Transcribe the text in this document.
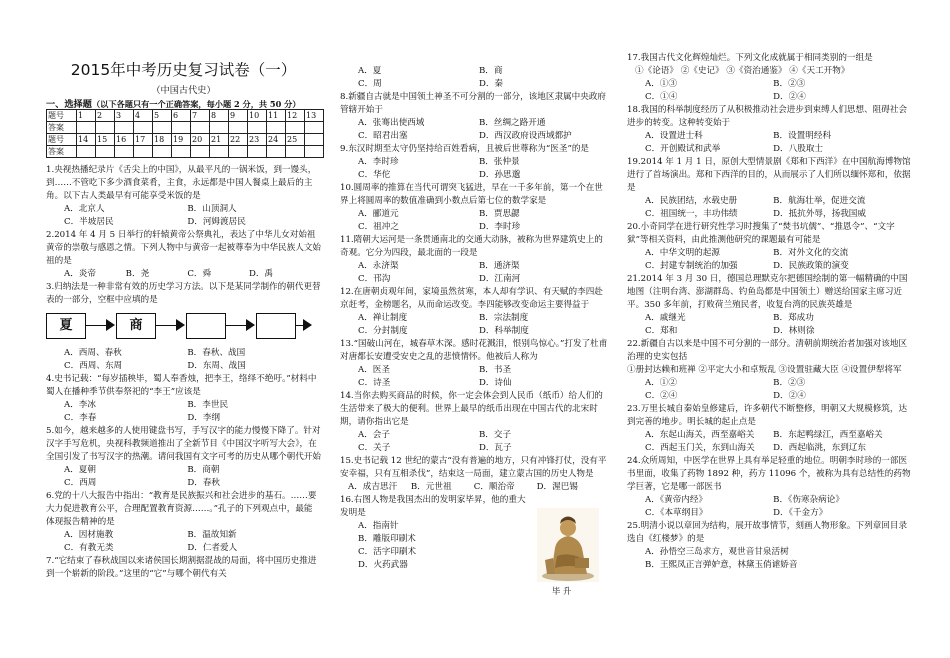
2015年中考历史复习试卷（一）
（中国古代史）
一、选择题（以下各题只有一个正确答案，每小题 2 分，共 50 分）
题号	1	2	3	4	5	6	7	8	9	10	11	12	13
答案													
题号	14	15	16	17	18	19	20	21	22	23	24	25	
答案													

1.央视热播纪录片《舌尖上的中国》，从最平凡的一锅米饭，到一馒头，到……不管吃下多少酒食菜肴，主食，永远都是中国人餐桌上最后的主角。以下古人类最早有可能享受米饭的是

A．北京人	B．山顶洞人

C．半坡居民	D．河姆渡居民

2.2014 年 4 月 5 日举行的轩辕黄帝公祭典礼，表达了中华儿女对始祖黄帝的崇敬与感恩之情。下列人物中与黄帝一起被尊奉为中华民族人文始祖的是

A．炎帝	B．尧	C．舜	D．禹

3.归纳法是一种非常有效的历史学习方法。以下是某同学制作的朝代更替表的一部分，空框中应填的是

夏	商

A．西周、春秋	B．春秋、战国

C．西周、东周	D．东周、战国

4.史书记载：“每岁插秧毕，蜀人奉香烛，把李王，络绎不绝吁。”材料中蜀人在播种季节供奉祭祀的“李王”应该是

A．李冰	B．李世民

C．李春	D．李纲

5.如今，越来越多的人使用键盘书写，手写汉字的能力慢慢下降了。针对汉字手写危机，央视科教频道推出了全新节目《中国汉字听写大会》，在全国引发了书写汉字的热潮。请问我国有文字可考的历史从哪个朝代开始

A．夏朝	B．商朝

C．西周	D．春秋

6.党的十八大报告中指出：“教育是民族振兴和社会进步的基石。……要大力促进教育公平，合理配置教育资源……。”孔子的下列观点中，最能体现报告精神的是

A．因材施教	B．温故知新

C．有教无类	D．仁者爱人

7.“它结束了春秋战国以来诸侯国长期割据混战的局面，将中国历史推进到一个崭新的阶段。”这里的“它”与哪个朝代有关

A．夏	B．商

C．周	D．秦

8.新疆自古就是中国领土神圣不可分割的一部分，该地区隶属中央政府管辖开始于

A．张骞出使西域	B．丝绸之路开通

C．昭君出塞	D．西汉政府设西域都护

9.东汉时期至太守仍坚持给百姓看病，且被后世尊称为“医圣”的是

A．李时珍	B．张仲景

C．华佗	D．孙思邈

10.圆周率的推算在当代可谓突飞猛进，早在一千多年前，第一个在世界上将圆周率的数值准确到小数点后第七位的数学家是

A．郦道元	B．贾思勰

C．祖冲之	D．李时珍

11.隋朝大运河是一条贯通南北的交通大动脉，被称为世界建筑史上的奇观。它分为四段，最北面的一段是

A．永济渠	B．通济渠

C．邗沟	D．江南河

12.在唐朝贞观年间，家境虽然贫寒，本人却有学识、有天赋的李四赴京赶考，金榜题名，从而命运改变。李四能够改变命运主要得益于

A．禅让制度	B．宗法制度

C．分封制度	D．科举制度

13.“国破山河在，城春草木深。感时花溅泪，恨别鸟惊心。”打发了杜甫对唐都长安遭受安史之乱的悲愤情怀。他被后人称为

A．医圣	B．书圣

C．诗圣	D．诗仙

14.当你去购买商品的时候，你一定会体会到人民币（纸币）给人们的生活带来了极大的便利。世界上最早的纸币出现在中国古代的北宋时期，请你指出它是

A．会子	B．交子

C．关子	D．瓦子

15.史书记载 12 世纪的蒙古“没有普遍的地方，只有冲锋打仗，没有平安幸福，只有互相杀伐”，结束这一局面，建立蒙古国的历史人物是

A．成吉思汗 B．元世祖	C．顺治帝	D．渥巴锡

16.右图人物是我国杰出的发明家毕昇，他的重大发明是

A．指南针

B．雕版印刷术

C．活字印刷术

D．火药武器

毕 升

17.我国古代文化辉煌灿烂。下列文化成就属于相同类别的一组是

①《论语》 ②《史记》 ③《资治通鉴》 ④《天工开物》

A．①③	B．②③

C．①④	D．②④

18.我国的科举制度经历了从积极推动社会进步到束缚人们思想、阻碍社会进步的转变。这种转变始于

A．设置进士科	B．设置明经科

C．开创殿试和武举	D．八股取士

19.2014 年 1 月 1 日，原创大型情景剧《郑和下西洋》在中国航海博物馆进行了首场演出。郑和下西洋的目的，从而展示了人们所以缅怀郑和，依据是

A．民族团结，水载史册	B．航海壮举，促进交流

C．祖国统一，丰功伟绩	D．抵抗外辱，扬我国威

20.小奇同学在进行研究性学习时搜集了“焚书坑儒”、“推恩令”、“文字狱”等相关资料，由此推测他研究的课题最有可能是

A．中华文明的起源	B．对外文化的交流

C．封建专制统治的加强	D．民族政策的演变

21.2014 年 3 月 30 日，德国总理默克尔把德国绘制的第一幅精确的中国地图（注明台湾、澎湖群岛、钓鱼岛都是中国领土）赠送给国家主席习近平。350 多年前，打败荷兰殖民者，收复台湾的民族英雄是

A．戚继光	B．郑成功

C．郑和	D．林则徐

22.新疆自古以来是中国不可分割的一部分。清朝前期统治者加强对该地区治理的史实包括

①册封达赖和班禅 ②平定大小和卓叛乱 ③设置驻藏大臣 ④设置伊犁将军

A．①②	B．②③

C．②④	D．②④

23.万里长城自秦始皇修建后，许多朝代不断整修，明朝又大规模修筑，达到完善的地步。明长城的起止点是

A．东起山海关，西至嘉峪关 B．东起鸭绿江，西至嘉峪关

C．西起玉门关，东到山海关 D．西起临洮，东到辽东

24.众所周知，中医学在世界上具有举足轻重的地位。明朝李时珍的一部医书里面，收集了药物 1892 种，药方 11096 个，被称为具有总结性的药物学巨著，它是哪一部医书

A．《黄帝内经》	B．《伤寒杂病论》

C．《本草纲目》	D．《千金方》

25.明清小说以章回为结构，展开故事情节，刻画人物形象。下列章回目录选自《红楼梦》的是

A．孙悟空三岛求方，观世音甘泉活树

B．王熙凤正言弹妒意，林黛玉俏谑娇音
